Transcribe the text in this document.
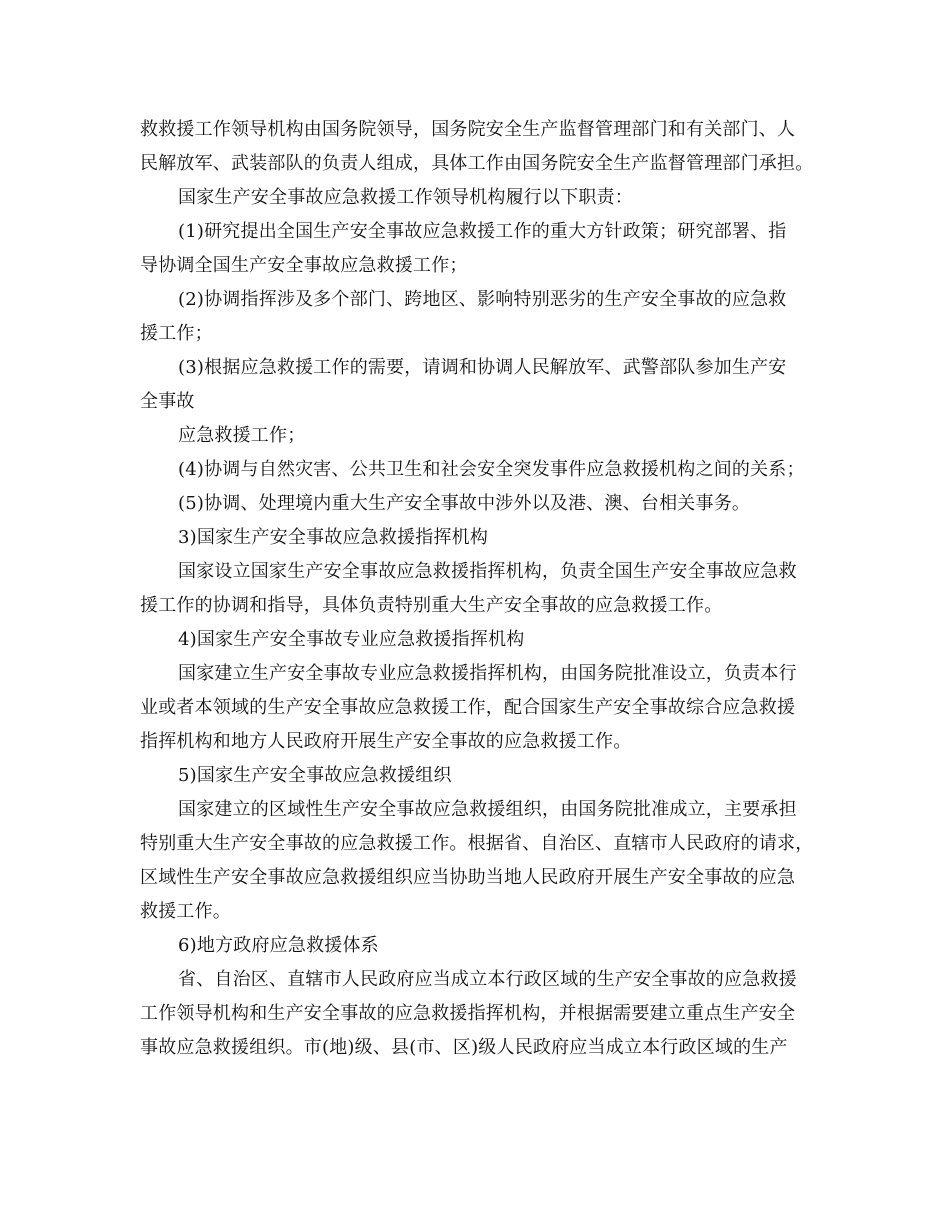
救救援工作领导机构由国务院领导，国务院安全生产监督管理部门和有关部门、人
民解放军、武装部队的负责人组成，具体工作由国务院安全生产监督管理部门承担。
国家生产安全事故应急救援工作领导机构履行以下职责：
(1)研究提出全国生产安全事故应急救援工作的重大方针政策；研究部署、指
导协调全国生产安全事故应急救援工作；
(2)协调指挥涉及多个部门、跨地区、影响特别恶劣的生产安全事故的应急救
援工作；
(3)根据应急救援工作的需要，请调和协调人民解放军、武警部队参加生产安
全事故
应急救援工作；
(4)协调与自然灾害、公共卫生和社会安全突发事件应急救援机构之间的关系；
(5)协调、处理境内重大生产安全事故中涉外以及港、澳、台相关事务。
3)国家生产安全事故应急救援指挥机构
国家设立国家生产安全事故应急救援指挥机构，负责全国生产安全事故应急救
援工作的协调和指导，具体负责特别重大生产安全事故的应急救援工作。
4)国家生产安全事故专业应急救援指挥机构
国家建立生产安全事故专业应急救援指挥机构，由国务院批准设立，负责本行
业或者本领域的生产安全事故应急救援工作，配合国家生产安全事故综合应急救援
指挥机构和地方人民政府开展生产安全事故的应急救援工作。
5)国家生产安全事故应急救援组织
国家建立的区域性生产安全事故应急救援组织，由国务院批准成立，主要承担
特别重大生产安全事故的应急救援工作。根据省、自治区、直辖市人民政府的请求，
区域性生产安全事故应急救援组织应当协助当地人民政府开展生产安全事故的应急
救援工作。
6)地方政府应急救援体系
省、自治区、直辖市人民政府应当成立本行政区域的生产安全事故的应急救援
工作领导机构和生产安全事故的应急救援指挥机构，并根据需要建立重点生产安全
事故应急救援组织。市(地)级、县(市、区)级人民政府应当成立本行政区域的生产
